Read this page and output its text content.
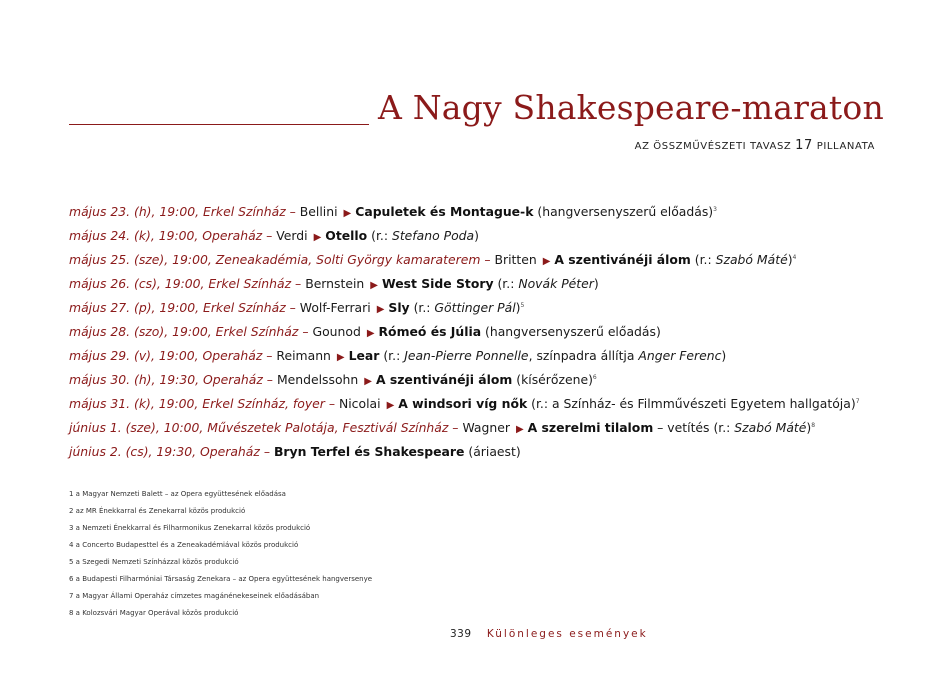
A Nagy Shakespeare-maraton
AZ ÖSSZMŰVÉSZETI TAVASZ 17 PILLANATA
május 23. (h), 19:00, Erkel Színház – Bellini ▶ Capuletek és Montague-k (hangversenyszerű előadás)$^3$
május 24. (k), 19:00, Operaház – Verdi ▶ Otello (r.: Stefano Poda)
május 25. (sze), 19:00, Zeneakadémia, Solti György kamaraterem – Britten ▶ A szentivánéji álom (r.: Szabó Máté)$^4$
május 26. (cs), 19:00, Erkel Színház – Bernstein ▶ West Side Story (r.: Novák Péter)
május 27. (p), 19:00, Erkel Színház – Wolf-Ferrari ▶ Sly (r.: Göttinger Pál)$^5$
május 28. (szo), 19:00, Erkel Színház – Gounod ▶ Rómeó és Júlia (hangversenyszerű előadás)
május 29. (v), 19:00, Operaház – Reimann ▶ Lear (r.: Jean-Pierre Ponnelle, színpadra állítja Anger Ferenc)
május 30. (h), 19:30, Operaház – Mendelssohn ▶ A szentivánéji álom (kísérőzene)$^6$
május 31. (k), 19:00, Erkel Színház, foyer – Nicolai ▶ A windsori víg nők (r.: a Színház- és Filmművészeti Egyetem hallgatója)$^7$
június 1. (sze), 10:00, Művészetek Palotája, Fesztivál Színház – Wagner ▶ A szerelmi tilalom – vetítés (r.: Szabó Máté)$^8$
június 2. (cs), 19:30, Operaház – Bryn Terfel és Shakespeare (áriaest)
1 a Magyar Nemzeti Balett – az Opera együttesének előadása
2 az MR Énekkarral és Zenekarral közös produkció
3 a Nemzeti Énekkarral és Filharmonikus Zenekarral közös produkció
4 a Concerto Budapesttel és a Zeneakadémiával közös produkció
5 a Szegedi Nemzeti Színházzal közös produkció
6 a Budapesti Filharmóniai Társaság Zenekara – az Opera együttesének hangversenye
7 a Magyar Állami Operaház címzetes magánénekeseinek előadásában
8 a Kolozsvári Magyar Operával közös produkció
339 Különleges események
